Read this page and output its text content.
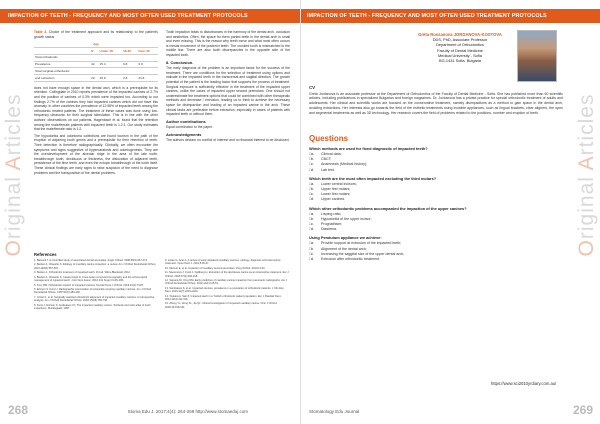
IMPACTION OF TEETH - FREQUENCY AND MOST OFTEN USED TREATMENT PROTOCOLS
Original Articles
Table 4. Choice of the treatment approach and its relationship to the patient's growth status
Age				
	N	Under 18	18-30	Over 30
Total orthodontic				
Prevalence	42	15.4	6.8	6.9
Total surgical-orthodontic				
and extraction	20	15.8	2.8	21.8

does not have enough space in the dental arch, which is a prerequisite for its retention. Collingdale in 2010 reports prevalence of the impacted canines of 2.7% and the position of canines of 0.3% which were impacted too. According to our findings 2.7% of the canines they had impacted canines which did not have this anomaly. In other countries the prevalence of 12.58% of impacted teeth among the orthodontic treated patients. The treatment of these cases was done using low-frequency ultrasonic for their surgical stimulation. This is in line with the other authors' observations on our patients. Hagenbach et al. found that the retention among the male/female patients with impacted teeth is 1.2:1. Our study estimates that the male/female ratio is 1:2.

The hypodontia and odontoma collections are found tourism in the path of the eruption of adjoining tooth germs and a prerequisite for their retention of teeth. Their detection is therefore radiographically. Clinically, we often encounter the symptoms and signs suggestive of hypercaratosis and odontogenesis. They are the overdevelopment of the alveolar ridge in the area of the late tooth, breakthrough tooth, deciduous or thickness, the dislocation of adjacent teeth, persistence of the time teeth, and even the ectopic breakthrough of the tooth itself. These clinical findings are early signs to raise suspicion of the need to diagnose problems and the transposition of the dental problems.

Tooth impaction leads to disturbances in the harmony of the dental arch, occlusion and aesthetics. Often, the space for them parted teeth in the dental arch is small and even missing. This is the reason why teeth move and what most often occurs is mesial movement of the posterior teeth. The crooked tooth is mismatched to the middle line. There are also tooth discrepancies in the opposite side of the impacted tooth.

8. Conclusion.

The early diagnosis of the problem is an important factor for the success of the treatment. There are conditions for the selection of treatment using options and indicate in the impacted teeth in the transversal and sagittal direction. The growth potential of the patient is the leading factor that supports the process of treatment. Surgical exposure is sufficiently effective in the treatment of the impacted upper canines, unlike the cases of impacted upper second premolars. One should not underestimate the treatment options that could be combined with other therapeutic methods and decrease / extrusion, leading us to think to achieve the necessary space for disimpaction and leading of an impacted canine in the arch. These clinical tasks are preferable before extraction, especially in cases of patients with impacted teeth or without them.

Author contributions

Equal contribution to the paper.

Acknowledgments

The authors declare no conflict of interest and no financial interest to be disclosed.

References
1. Baccetti T. A controlled study of associated dental anomalies. Angle Orthod. 1998;68(3):267-274.
2. Becker A, Chaushu S. Etiology of maxillary canine impaction: a review. Am J Orthod Dentofacial Orthop. 2015;148(4):557-567.
3. Becker A. Orthodontic treatment of impacted teeth. 3rd ed. Wiley-Blackwell; 2012.
4. Becker A, Chaushu S, Casap-Caspi N. Cone-beam computed tomography and the orthosurgical management of impacted teeth. J Am Dent Assoc. 2010;141 Suppl 3:14S-18S.
5. Cruz RM. Orthodontic traction of impacted canines. Dental Press J Orthod. 2019;24(2):74-87.
6. Ericson S, Kurol J. Radiographic examination of ectopically erupting maxillary canines. Am J Orthod Dentofacial Orthop. 1987;91(6):483-492.
7. Grisar K, et al. Surgically assisted orthodontic alignment of impacted maxillary canines: A retrospective analysis. Am J Orthod Dentofacial Orthop. 2018;154(6):782-790.
8. Kurol J, Ericson S, Andreasen JO. The impacted maxillary canine. Textbook and color atlas of tooth impactions. Munksgaard; 1997.
9. Litsas G, Acar A. A review of early displaced maxillary canines: etiology, diagnosis and interceptive treatment. Open Dent J. 2011;5:39-47.
10. Mercuri E, et al. Impaction of maxillary second premolars. Prog Orthod. 2013;14:23.
11. Naoumova J, Kurol J, Kjellberg H. Extraction of the deciduous canine as an interceptive treatment. Eur J Orthod. 2015;37(2):209-218.
12. Sajnani AK, King NM. Early prediction of maxillary canine impaction from panoramic radiographs. Am J Orthod Dentofacial Orthop. 2012;142(1):45-51.
13. Sambataro S, et al. Impacted canines: prevalence in a population of orthodontic patients. J Clin Exp Dent. 2019;11(7):e615-e620.
14. Topkara A, Sari Z. Impacted teeth in a Turkish orthodontic patient population. Eur J Paediatr Dent. 2012;13(4):311-316.
15. Zhong YL, Zeng XL, Jia QL. Clinical investigation of impacted maxillary canine. Chin J Orthod. 2006;13:158-161.
268	Stoma Edu J. 2017;4(4): 264-269 http://www.stomaeduj.com
IMPACTION OF TEETH - FREQUENCY AND MOST OFTEN USED TREATMENT PROTOCOLS
Greta Rossanova JORDANOVA-KOSTOVA
DDS, PhD, Associate Professor
Department of Orthodontics
Faculty of Dental Medicine
Medical University - Sofia
BG-1431 Sofia, Bulgaria
CV
Greta Jordanova is an associate professor at the Department of Orthodontics of the Faculty of Dental Medicine - Sofia. She has published more than 60 scientific articles, including publications in specialized Bulgarian and foreign magazines. Dr. Jordanova has a private practice for special orthodontic treatment of adults and adolescents. Her clinical and scientific works are focused on the conservative treatment, namely disimpactions as a method to gain space in the dental arch, avoiding extractions. Her interests also go towards the field of the esthetic treatments using invisible appliances, such as lingual brackets, clear aligners, the open and segmental treatments as well as 3D technology. Her research covers the field of problems related to the positions, number and eruption of teeth.
Questions
Which methods are used for fixed diagnostic of impacted teeth?
□a.	Clinical data;
□b.	CBCT;
□c.	Anamnesis (Medical history);
□d.	Lab test.
Which teeth are the most often impacted excluding the third molars?
□a.	Lower central incisors;
□b.	Upper first molars;
□c.	Lower first molars;
□d.	Upper canines.
Which other orthodontic problems accompanied the impaction of the upper canines?
□a.	Lisping ratio;
□b.	Hypodontia of the upper incisor;
□c.	Prognathism;
□d.	Diastema.
Using Pendulum appliance we achieve:
□a.	Provide support at extrusion of the impacted teeth;
□b.	Alignment of the dental arch;
□c.	Increasing the saggital size of the upper dental arch;
□d.	Extrusion after orthodontic treatment.
https://www.sci2010yrdiary.com.au/
Original Articles
Stomatology Edu Journal	269
